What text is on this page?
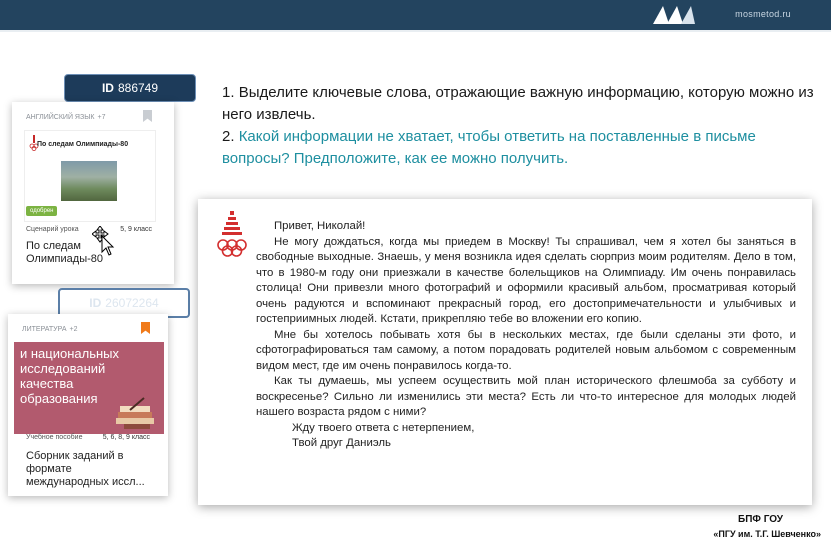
mosmetod.ru
ID 886749
АНГЛИЙСКИЙ ЯЗЫК +7
По следам Олимпиады-80
одобрен
Сценарий урока	5, 9 класс
По следам Олимпиады-80
ID 26072264
ЛИТЕРАТУРА +2
и национальных исследований качества образования
Учебное пособие	5, 6, 8, 9 класс
Сборник заданий в формате международных иссл...

1. Выделите ключевые слова, отражающие важную информацию, которую можно из него извлечь.

2. Какой информации не хватает, чтобы ответить на поставленные в письме вопросы? Предположите, как ее можно получить.

Привет, Николай!

Не могу дождаться, когда мы приедем в Москву! Ты спрашивал, чем я хотел бы заняться в свободные выходные. Знаешь, у меня возникла идея сделать сюрприз моим родителям. Дело в том, что в 1980-м году они приезжали в качестве болельщиков на Олимпиаду. Им очень понравилась столица! Они привезли много фотографий и оформили красивый альбом, просматривая который очень радуются и вспоминают прекрасный город, его достопримечательности и улыбчивых и гостеприимных людей. Кстати, прикрепляю тебе во вложении его копию.

Мне бы хотелось побывать хотя бы в нескольких местах, где были сделаны эти фото, и сфотографироваться там самому, а потом порадовать родителей новым альбомом с современным видом мест, где им очень понравилось когда-то.

Как ты думаешь, мы успеем осуществить мой план исторического флешмоба за субботу и воскресенье? Сильно ли изменились эти места? Есть ли что-то интересное для молодых людей нашего возраста рядом с ними?

Жду твоего ответа с нетерпением,

Твой друг Даниэль

БПФ ГОУ
«ПГУ им. Т.Г. Шевченко»
